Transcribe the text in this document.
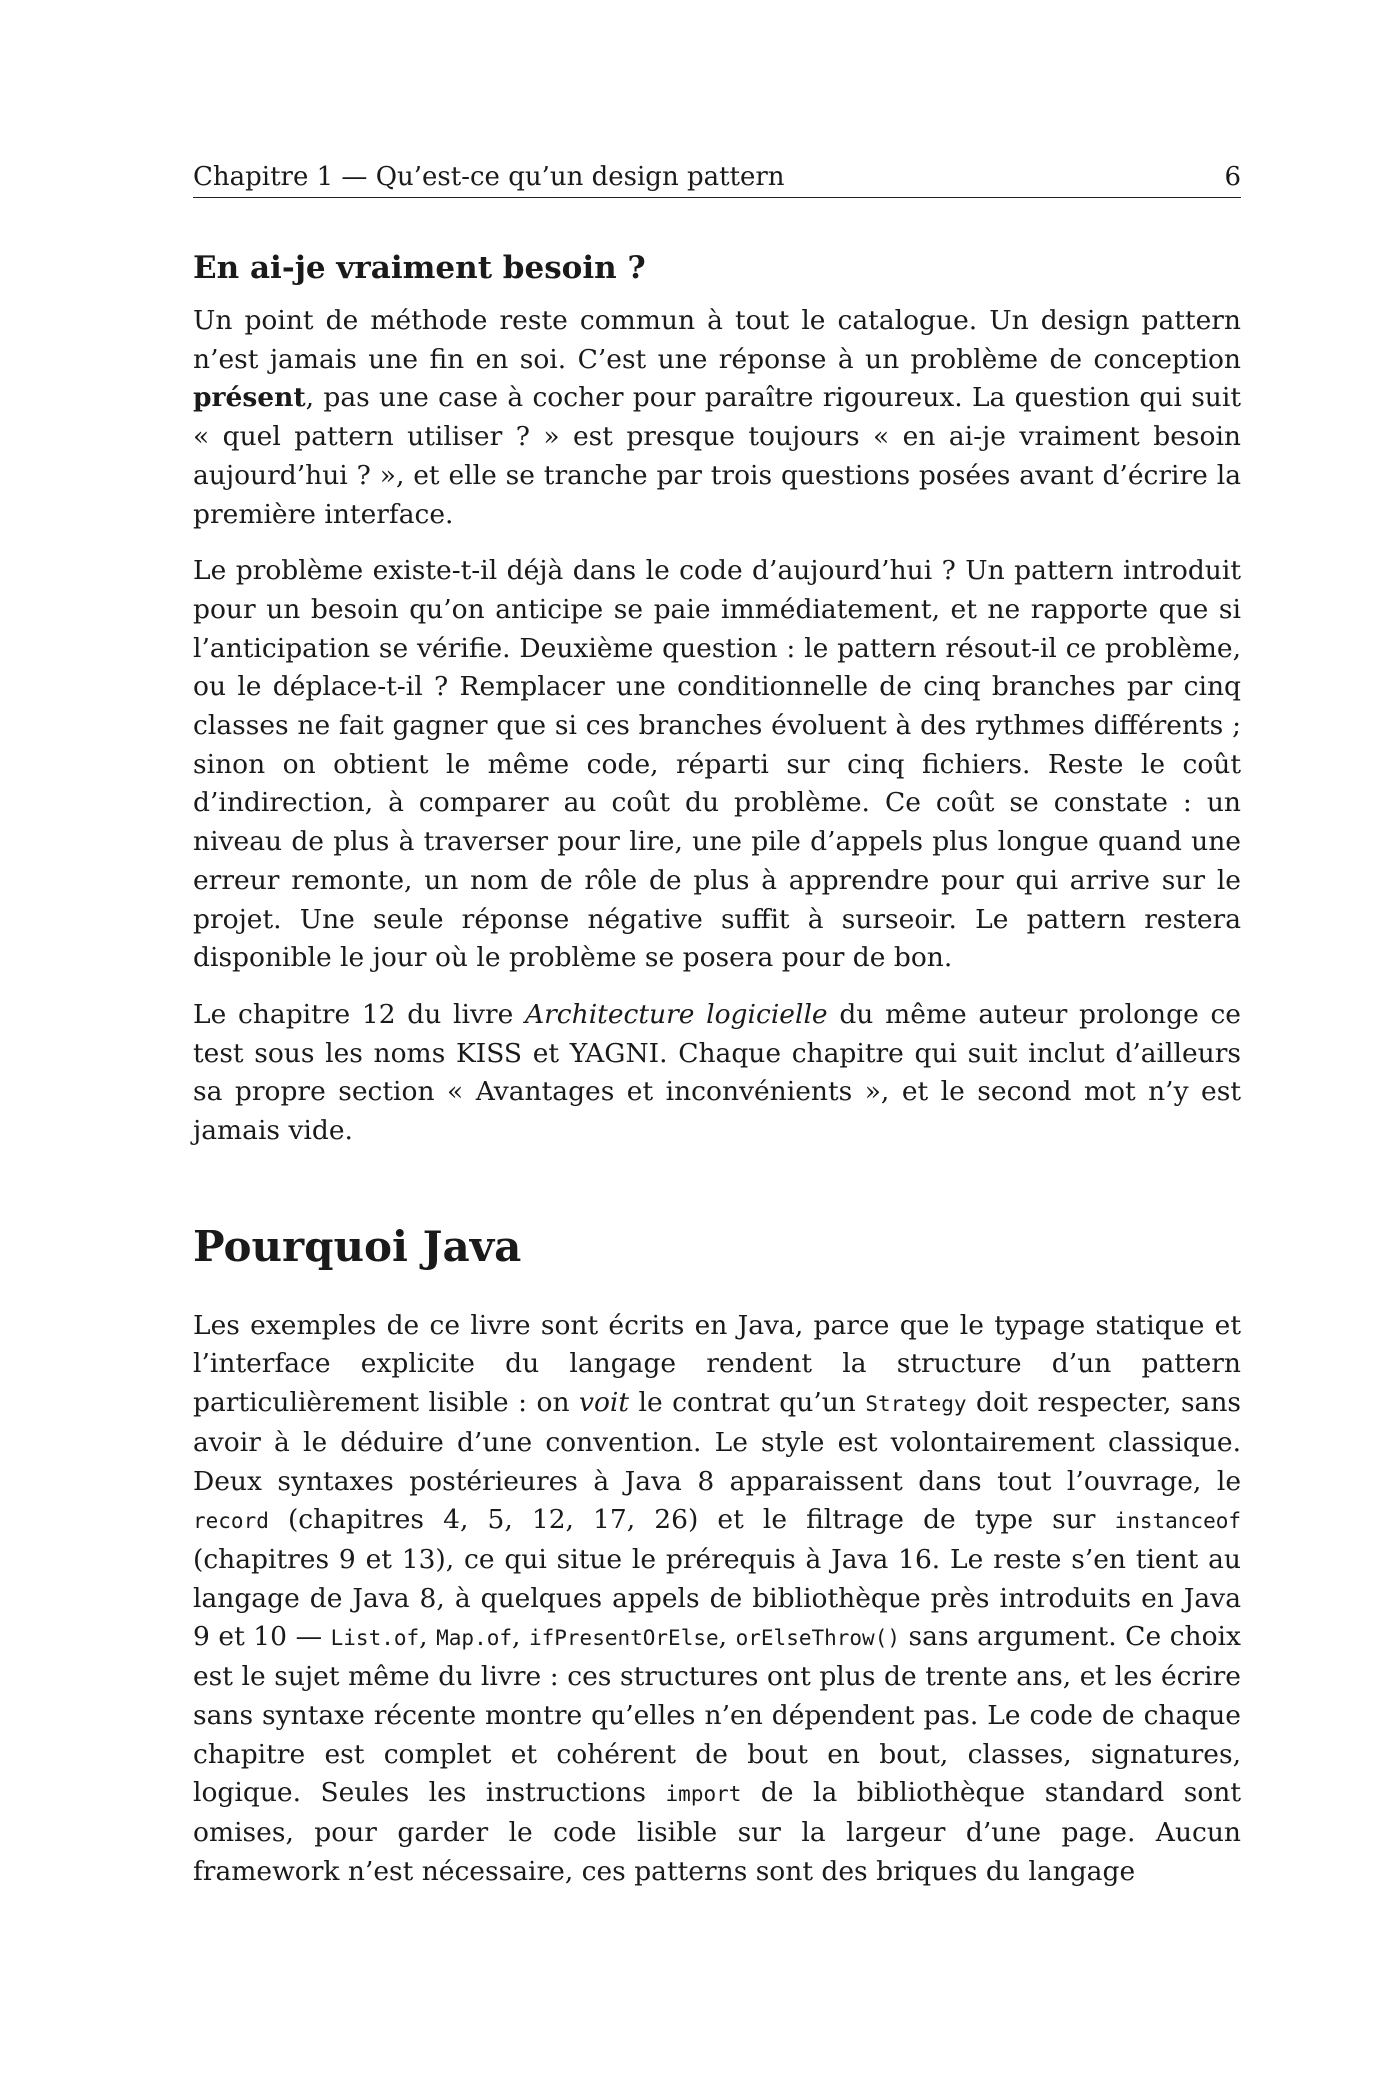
Chapitre 1 — Qu’est-ce qu’un design pattern	6
En ai-je vraiment besoin ?

Un point de méthode reste commun à tout le catalogue. Un design pattern n’est jamais une fin en soi. C’est une réponse à un problème de conception présent, pas une case à cocher pour paraître rigoureux. La question qui suit « quel pattern utiliser ? » est presque toujours « en ai-je vraiment besoin aujourd’hui ? », et elle se tranche par trois questions posées avant d’écrire la première interface.

Le problème existe-t-il déjà dans le code d’aujourd’hui ? Un pattern introduit pour un besoin qu’on anticipe se paie immédiatement, et ne rapporte que si l’anticipation se vérifie. Deuxième question : le pattern résout-il ce problème, ou le déplace-t-il ? Remplacer une conditionnelle de cinq branches par cinq classes ne fait gagner que si ces branches évoluent à des rythmes différents ; sinon on obtient le même code, réparti sur cinq fichiers. Reste le coût d’indirection, à comparer au coût du problème. Ce coût se constate : un niveau de plus à traverser pour lire, une pile d’appels plus longue quand une erreur remonte, un nom de rôle de plus à apprendre pour qui arrive sur le projet. Une seule réponse négative suffit à surseoir. Le pattern restera disponible le jour où le problème se posera pour de bon.

Le chapitre 12 du livre Architecture logicielle du même auteur prolonge ce test sous les noms KISS et YAGNI. Chaque chapitre qui suit inclut d’ailleurs sa propre section « Avantages et inconvénients », et le second mot n’y est jamais vide.

Pourquoi Java

Les exemples de ce livre sont écrits en Java, parce que le typage statique et l’interface explicite du langage rendent la structure d’un pattern particulièrement lisible : on voit le contrat qu’un Strategy doit respecter, sans avoir à le déduire d’une convention. Le style est volontairement classique. Deux syntaxes postérieures à Java 8 apparaissent dans tout l’ouvrage, le record (chapitres 4, 5, 12, 17, 26) et le filtrage de type sur instanceof (chapitres 9 et 13), ce qui situe le prérequis à Java 16. Le reste s’en tient au langage de Java 8, à quelques appels de bibliothèque près introduits en Java 9 et 10 — List.of, Map.of, ifPresentOrElse, orElseThrow() sans argument. Ce choix est le sujet même du livre : ces structures ont plus de trente ans, et les écrire sans syntaxe récente montre qu’elles n’en dépendent pas. Le code de chaque chapitre est complet et cohérent de bout en bout, classes, signatures, logique. Seules les instructions import de la bibliothèque standard sont omises, pour garder le code lisible sur la largeur d’une page. Aucun framework n’est nécessaire, ces patterns sont des briques du langage
